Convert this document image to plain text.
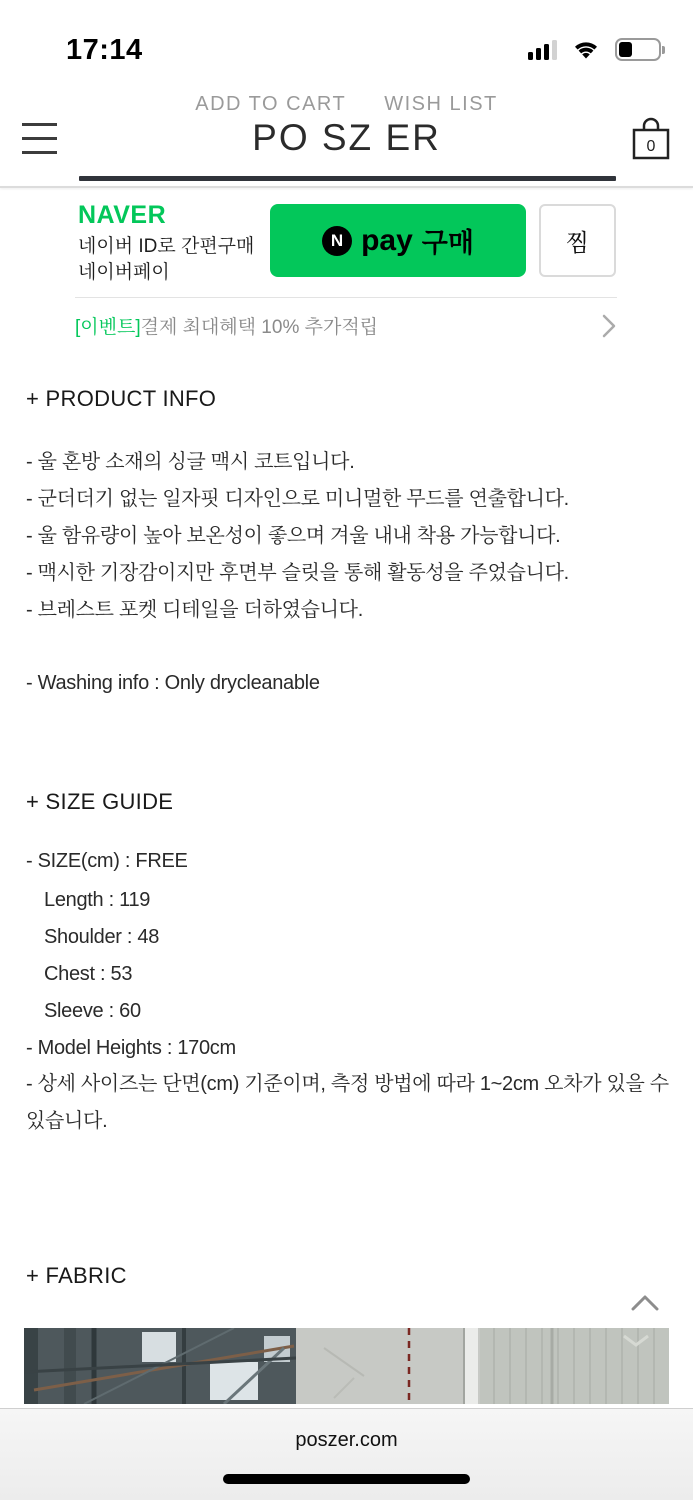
17:14
ADD TO CART WISH LIST
PO SZ ER	0
NAVER
네이버 ID로 간편구매
네이버페이
N pay 구매	찜
[이벤트]결제 최대혜택 10% 추가적립
+ PRODUCT INFO
- 울 혼방 소재의 싱글 맥시 코트입니다.
- 군더더기 없는 일자핏 디자인으로 미니멀한 무드를 연출합니다.
- 울 함유량이 높아 보온성이 좋으며 겨울 내내 착용 가능합니다.
- 맥시한 기장감이지만 후면부 슬릿을 통해 활동성을 주었습니다.
- 브레스트 포켓 디테일을 더하였습니다.
- Washing info : Only drycleanable
+ SIZE GUIDE
- SIZE(cm) : FREE
Length : 119
Shoulder : 48
Chest : 53
Sleeve : 60
- Model Heights : 170cm
- 상세 사이즈는 단면(cm) 기준이며, 측정 방법에 따라 1~2cm 오차가 있을 수 있습니다.
+ FABRIC
poszer.com
